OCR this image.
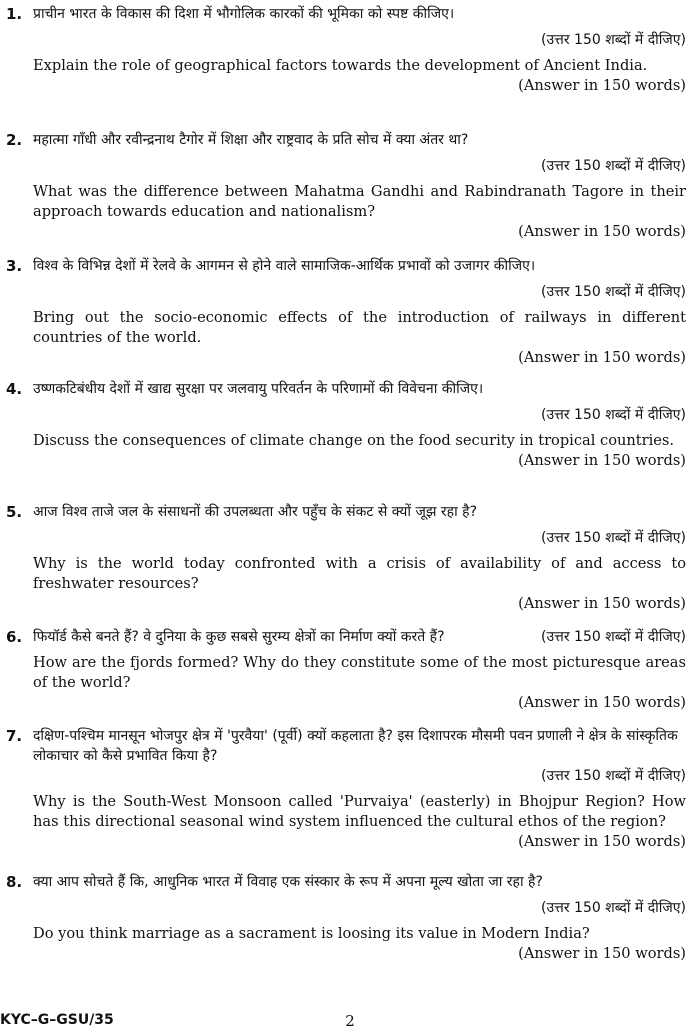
1. प्राचीन भारत के विकास की दिशा में भौगोलिक कारकों की भूमिका को स्पष्ट कीजिए।
(उत्तर 150 शब्दों में दीजिए)
Explain the role of geographical factors towards the development of Ancient India.
(Answer in 150 words)
2. महात्मा गाँधी और रवीन्द्रनाथ टैगोर में शिक्षा और राष्ट्रवाद के प्रति सोच में क्या अंतर था?
(उत्तर 150 शब्दों में दीजिए)
What was the difference between Mahatma Gandhi and Rabindranath Tagore in their approach towards education and nationalism?
(Answer in 150 words)
3. विश्व के विभिन्न देशों में रेलवे के आगमन से होने वाले सामाजिक-आर्थिक प्रभावों को उजागर कीजिए।
(उत्तर 150 शब्दों में दीजिए)
Bring out the socio-economic effects of the introduction of railways in different countries of the world.
(Answer in 150 words)
4. उष्णकटिबंधीय देशों में खाद्य सुरक्षा पर जलवायु परिवर्तन के परिणामों की विवेचना कीजिए।
(उत्तर 150 शब्दों में दीजिए)
Discuss the consequences of climate change on the food security in tropical countries.
(Answer in 150 words)
5. आज विश्व ताजे जल के संसाधनों की उपलब्धता और पहुँच के संकट से क्यों जूझ रहा है?
(उत्तर 150 शब्दों में दीजिए)
Why is the world today confronted with a crisis of availability of and access to freshwater resources?
(Answer in 150 words)
6. फियॉर्ड कैसे बनते हैं? वे दुनिया के कुछ सबसे सुरम्य क्षेत्रों का निर्माण क्यों करते हैं?	(उत्तर 150 शब्दों में दीजिए)
How are the fjords formed? Why do they constitute some of the most picturesque areas of the world?
(Answer in 150 words)
7. दक्षिण-पश्चिम मानसून भोजपुर क्षेत्र में 'पुरवैया' (पूर्वी) क्यों कहलाता है? इस दिशापरक मौसमी पवन प्रणाली ने क्षेत्र के सांस्कृतिक लोकाचार को कैसे प्रभावित किया है?
(उत्तर 150 शब्दों में दीजिए)
Why is the South-West Monsoon called 'Purvaiya' (easterly) in Bhojpur Region? How has this directional seasonal wind system influenced the cultural ethos of the region?
(Answer in 150 words)
8. क्या आप सोचते हैं कि, आधुनिक भारत में विवाह एक संस्कार के रूप में अपना मूल्य खोता जा रहा है?
(उत्तर 150 शब्दों में दीजिए)
Do you think marriage as a sacrament is loosing its value in Modern India?
(Answer in 150 words)
KYC–G–GSU/35	2
